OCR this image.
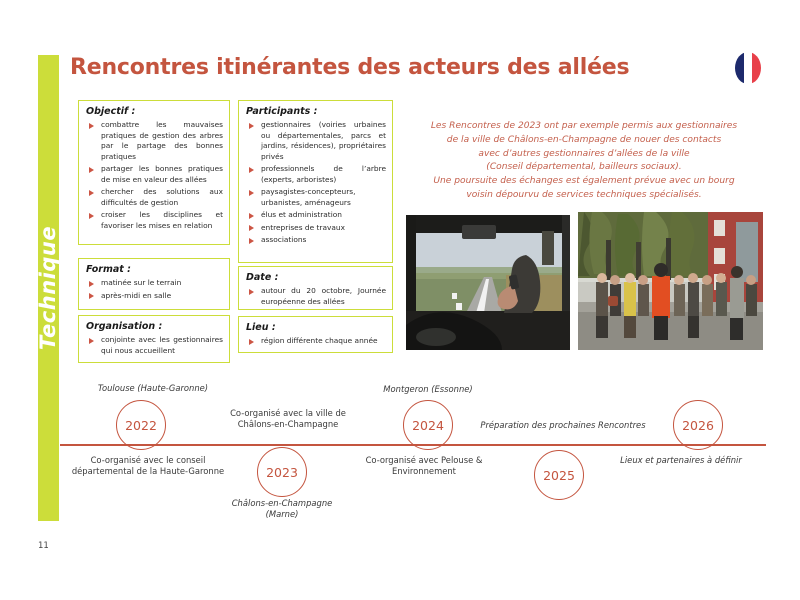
Technique
Rencontres itinérantes des acteurs des allées
Objectif :
combattre les mauvaises pratiques de gestion des arbres par le partage des bonnes pratiques
partager les bonnes pratiques de mise en valeur des allées
chercher des solutions aux difficultés de gestion
croiser les disciplines et favoriser les mises en relation
Format :
matinée sur le terrain
après-midi en salle
Organisation :
conjointe avec les gestionnaires qui nous accueillent
Participants :
gestionnaires (voiries urbaines ou départementales, parcs et jardins, résidences), propriétaires privés
professionnels de l’arbre (experts, arboristes)
paysagistes-concepteurs, urbanistes, aménageurs
élus et administration
entreprises de travaux
associations
Date :
autour du 20 octobre, Journée européenne des allées
Lieu :
région différente chaque année
Les Rencontres de 2023 ont par exemple permis aux gestionnaires
de la ville de Châlons-en-Champagne de nouer des contacts
avec d’autres gestionnaires d’allées de la ville
(Conseil départemental, bailleurs sociaux).
Une poursuite des échanges est également prévue avec un bourg
voisin dépourvu de services techniques spécialisés.
2022
2023
2024
2025
2026
Toulouse (Haute-Garonne)
Co-organisé avec la ville de Châlons-en-Champagne
Montgeron (Essonne)
Préparation des prochaines Rencontres
Co-organisé avec le conseil départemental de la Haute-Garonne
Châlons-en-Champagne (Marne)
Co-organisé avec Pelouse & Environnement
Lieux et partenaires à définir
11
